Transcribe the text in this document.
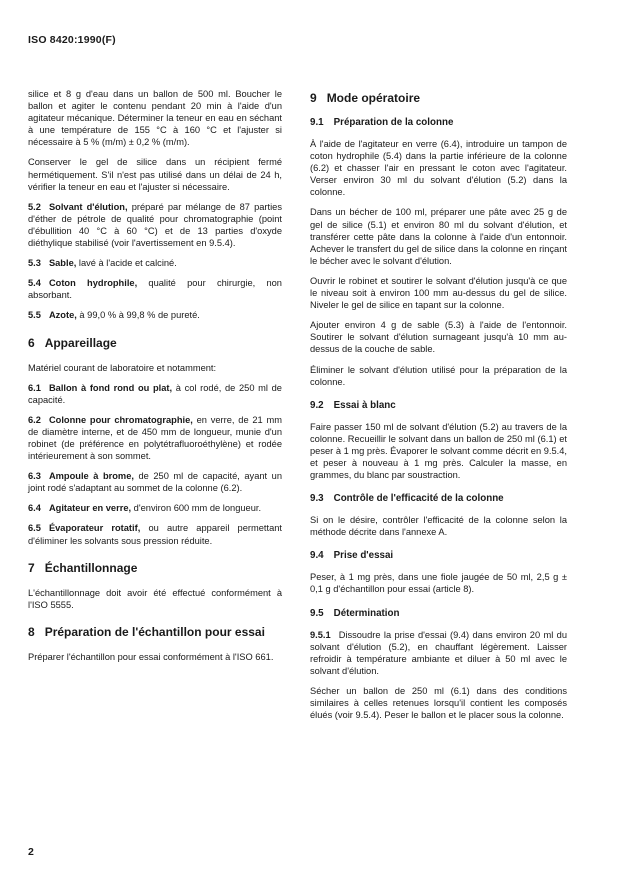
ISO 8420:1990(F)

silice et 8 g d'eau dans un ballon de 500 ml. Boucher le ballon et agiter le contenu pendant 20 min à l'aide d'un agitateur mécanique. Déterminer la teneur en eau en séchant à une température de 155 °C à 160 °C et l'ajuster si nécessaire à 5 % (m/m) ± 0,2 % (m/m).

Conserver le gel de silice dans un récipient fermé hermétiquement. S'il n'est pas utilisé dans un délai de 24 h, vérifier la teneur en eau et l'ajuster si nécessaire.

5.2 Solvant d'élution, préparé par mélange de 87 parties d'éther de pétrole de qualité pour chromatographie (point d'ébullition 40 °C à 60 °C) et de 13 parties d'oxyde diéthylique stabilisé (voir l'avertissement en 9.5.4).

5.3 Sable, lavé à l'acide et calciné.

5.4 Coton hydrophile, qualité pour chirurgie, non absorbant.

5.5 Azote, à 99,0 % à 99,8 % de pureté.

6 Appareillage

Matériel courant de laboratoire et notamment:

6.1 Ballon à fond rond ou plat, à col rodé, de 250 ml de capacité.

6.2 Colonne pour chromatographie, en verre, de 21 mm de diamètre interne, et de 450 mm de longueur, munie d'un robinet (de préférence en polytétrafluoroéthylène) et rodée intérieurement à son sommet.

6.3 Ampoule à brome, de 250 ml de capacité, ayant un joint rodé s'adaptant au sommet de la colonne (6.2).

6.4 Agitateur en verre, d'environ 600 mm de longueur.

6.5 Évaporateur rotatif, ou autre appareil permettant d'éliminer les solvants sous pression réduite.

7 Échantillonnage

L'échantillonnage doit avoir été effectué conformément à l'ISO 5555.

8 Préparation de l'échantillon pour essai

Préparer l'échantillon pour essai conformément à l'ISO 661.

9 Mode opératoire
9.1 Préparation de la colonne

À l'aide de l'agitateur en verre (6.4), introduire un tampon de coton hydrophile (5.4) dans la partie inférieure de la colonne (6.2) et chasser l'air en pressant le coton avec l'agitateur. Verser environ 30 ml du solvant d'élution (5.2) dans la colonne.

Dans un bécher de 100 ml, préparer une pâte avec 25 g de gel de silice (5.1) et environ 80 ml du solvant d'élution, et transférer cette pâte dans la colonne à l'aide d'un entonnoir. Achever le transfert du gel de silice dans la colonne en rinçant le bécher avec le solvant d'élution.

Ouvrir le robinet et soutirer le solvant d'élution jusqu'à ce que le niveau soit à environ 100 mm au-dessus du gel de silice. Niveler le gel de silice en tapant sur la colonne.

Ajouter environ 4 g de sable (5.3) à l'aide de l'entonnoir. Soutirer le solvant d'élution surnageant jusqu'à 10 mm au-dessus de la couche de sable.

Éliminer le solvant d'élution utilisé pour la préparation de la colonne.

9.2 Essai à blanc

Faire passer 150 ml de solvant d'élution (5.2) au travers de la colonne. Recueillir le solvant dans un ballon de 250 ml (6.1) et peser à 1 mg près. Évaporer le solvant comme décrit en 9.5.4, et peser à nouveau à 1 mg près. Calculer la masse, en grammes, du blanc par soustraction.

9.3 Contrôle de l'efficacité de la colonne

Si on le désire, contrôler l'efficacité de la colonne selon la méthode décrite dans l'annexe A.

9.4 Prise d'essai

Peser, à 1 mg près, dans une fiole jaugée de 50 ml, 2,5 g ± 0,1 g d'échantillon pour essai (article 8).

9.5 Détermination

9.5.1 Dissoudre la prise d'essai (9.4) dans environ 20 ml du solvant d'élution (5.2), en chauffant légèrement. Laisser refroidir à température ambiante et diluer à 50 ml avec le solvant d'élution.

Sécher un ballon de 250 ml (6.1) dans des conditions similaires à celles retenues lorsqu'il contient les composés élués (voir 9.5.4). Peser le ballon et le placer sous la colonne.

2
